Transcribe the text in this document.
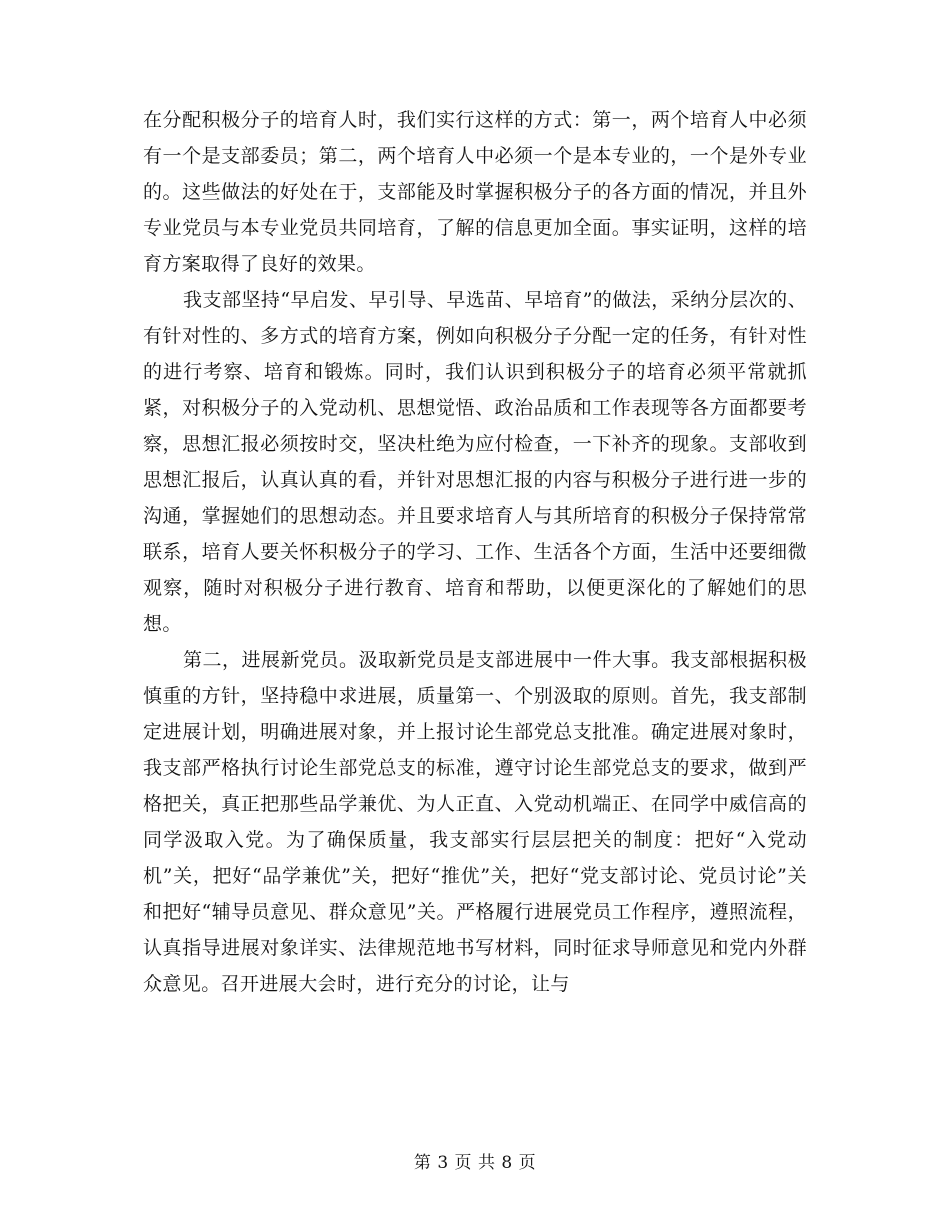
在分配积极分子的培育人时，我们实行这样的方式：第一，两个培育人中必须有一个是支部委员；第二，两个培育人中必须一个是本专业的，一个是外专业的。这些做法的好处在于，支部能及时掌握积极分子的各方面的情况，并且外专业党员与本专业党员共同培育，了解的信息更加全面。事实证明，这样的培育方案取得了良好的效果。

我支部坚持“早启发、早引导、早选苗、早培育”的做法，采纳分层次的、有针对性的、多方式的培育方案，例如向积极分子分配一定的任务，有针对性的进行考察、培育和锻炼。同时，我们认识到积极分子的培育必须平常就抓紧，对积极分子的入党动机、思想觉悟、政治品质和工作表现等各方面都要考察，思想汇报必须按时交，坚决杜绝为应付检查，一下补齐的现象。支部收到思想汇报后，认真认真的看，并针对思想汇报的内容与积极分子进行进一步的沟通，掌握她们的思想动态。并且要求培育人与其所培育的积极分子保持常常联系，培育人要关怀积极分子的学习、工作、生活各个方面，生活中还要细微观察，随时对积极分子进行教育、培育和帮助，以便更深化的了解她们的思想。

第二，进展新党员。汲取新党员是支部进展中一件大事。我支部根据积极慎重的方针，坚持稳中求进展，质量第一、个别汲取的原则。首先，我支部制定进展计划，明确进展对象，并上报讨论生部党总支批准。确定进展对象时，我支部严格执行讨论生部党总支的标准，遵守讨论生部党总支的要求，做到严格把关，真正把那些品学兼优、为人正直、入党动机端正、在同学中威信高的同学汲取入党。为了确保质量，我支部实行层层把关的制度：把好“入党动机”关，把好“品学兼优”关，把好“推优”关，把好“党支部讨论、党员讨论”关和把好“辅导员意见、群众意见”关。严格履行进展党员工作程序，遵照流程，认真指导进展对象详实、法律规范地书写材料，同时征求导师意见和党内外群众意见。召开进展大会时，进行充分的讨论，让与

第 3 页 共 8 页
